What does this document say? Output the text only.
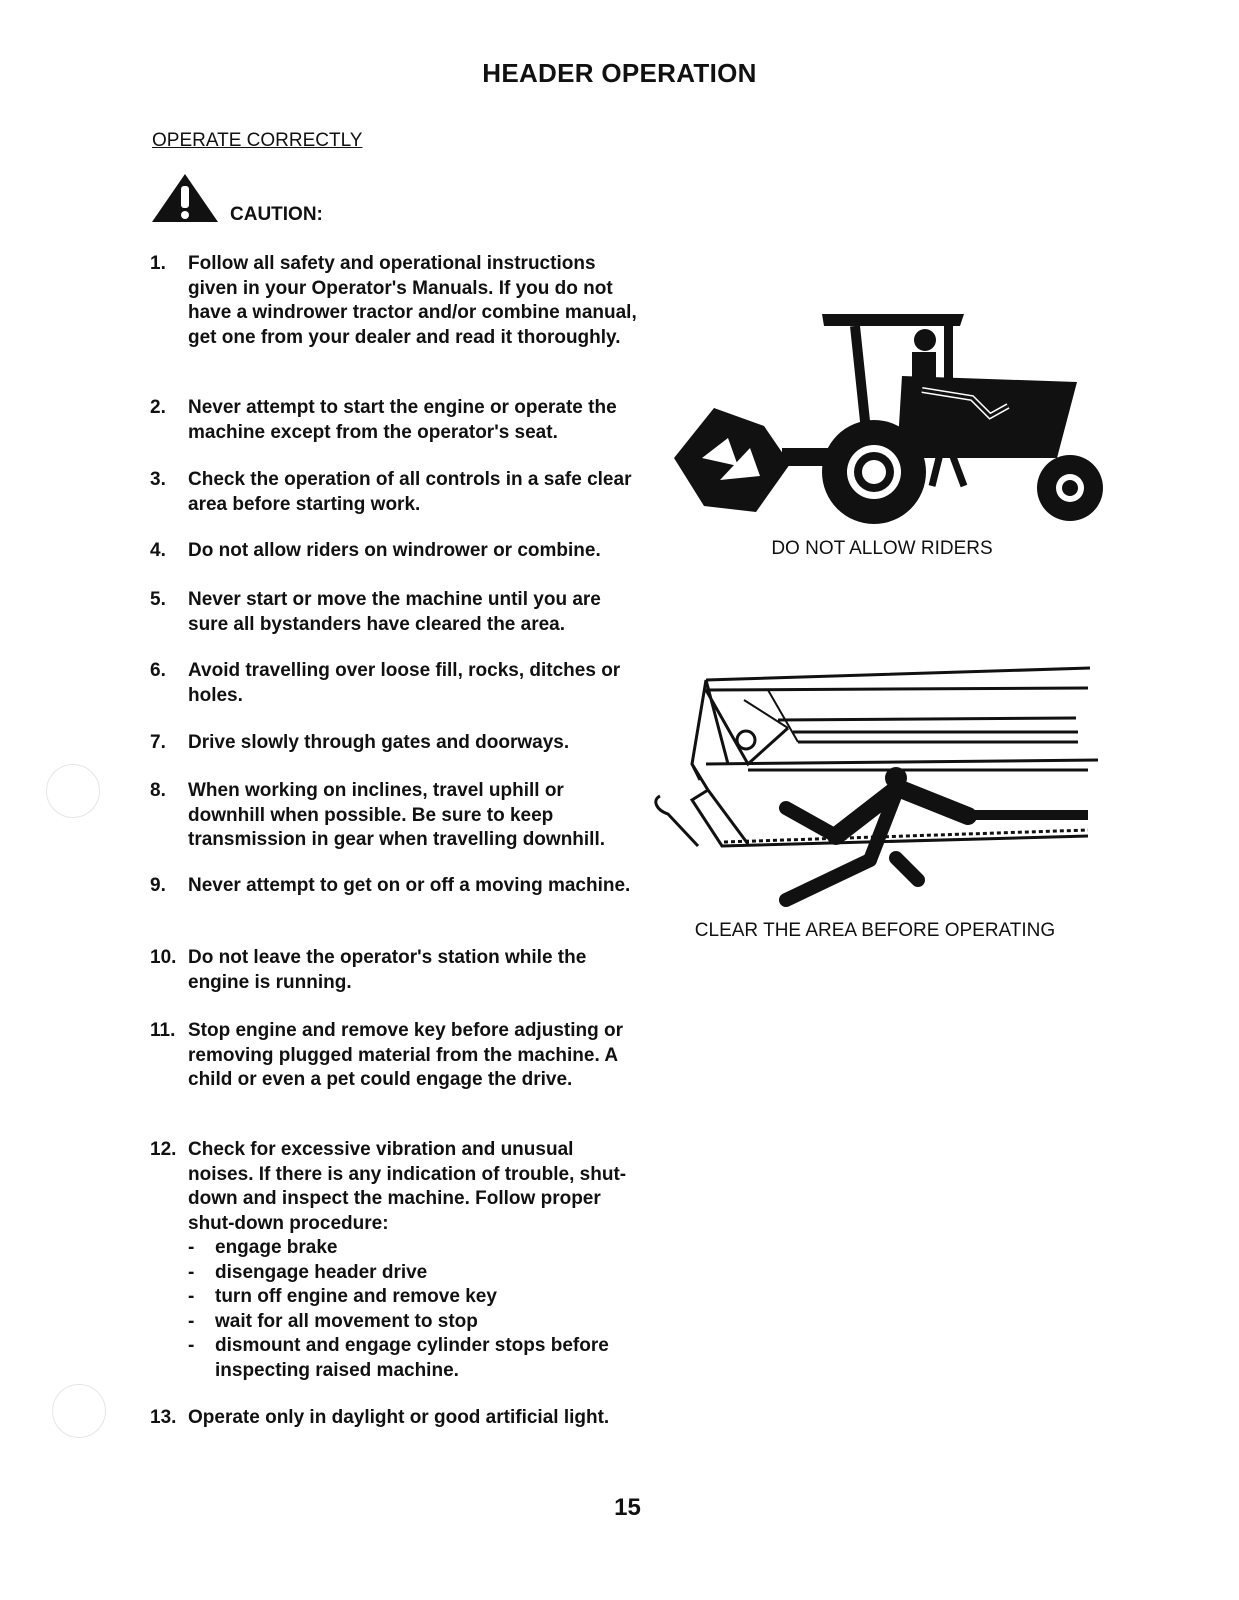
HEADER OPERATION
OPERATE CORRECTLY
CAUTION:
1. Follow all safety and operational instructions given in your Operator's Manuals. If you do not have a windrower tractor and/or combine manual, get one from your dealer and read it thoroughly.
2. Never attempt to start the engine or operate the machine except from the operator's seat.
3. Check the operation of all controls in a safe clear area before starting work.
4. Do not allow riders on windrower or combine.
5. Never start or move the machine until you are sure all bystanders have cleared the area.
6. Avoid travelling over loose fill, rocks, ditches or holes.
7. Drive slowly through gates and doorways.
8. When working on inclines, travel uphill or downhill when possible. Be sure to keep transmission in gear when travelling downhill.
9. Never attempt to get on or off a moving machine.
10. Do not leave the operator's station while the engine is running.
11. Stop engine and remove key before adjusting or removing plugged material from the machine. A child or even a pet could engage the drive.
12. Check for excessive vibration and unusual noises. If there is any indication of trouble, shut-down and inspect the machine. Follow proper shut-down procedure:
- engage brake
- disengage header drive
- turn off engine and remove key
- wait for all movement to stop
- dismount and engage cylinder stops before inspecting raised machine.
13. Operate only in daylight or good artificial light.
DO NOT ALLOW RIDERS
CLEAR THE AREA BEFORE OPERATING
15
